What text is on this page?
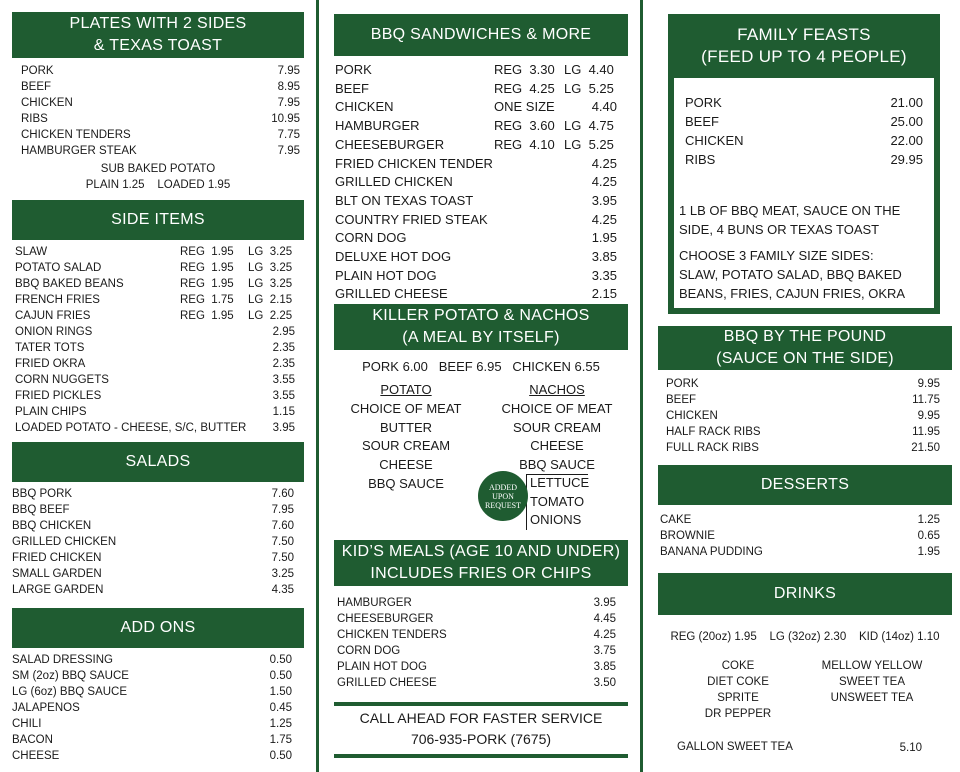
PLATES WITH 2 SIDES
& TEXAS TOAST
PORK	7.95
BEEF	8.95
CHICKEN	7.95
RIBS	10.95
CHICKEN TENDERS	7.75
HAMBURGER STEAK	7.95
SUB BAKED POTATO
PLAIN 1.25    LOADED 1.95
SIDE ITEMS
SLAW	REG  1.95 LG  3.25
POTATO SALAD	REG  1.95 LG  3.25
BBQ BAKED BEANS	REG  1.95 LG  3.25
FRENCH FRIES	REG  1.75 LG  2.15
CAJUN FRIES	REG  1.95 LG  2.25
ONION RINGS	2.95
TATER TOTS	2.35
FRIED OKRA	2.35
CORN NUGGETS	3.55
FRIED PICKLES	3.55
PLAIN CHIPS	1.15
LOADED POTATO - CHEESE, S/C, BUTTER 3.95
SALADS
BBQ PORK	7.60
BBQ BEEF	7.95
BBQ CHICKEN	7.60
GRILLED CHICKEN	7.50
FRIED CHICKEN	7.50
SMALL GARDEN	3.25
LARGE GARDEN	4.35
ADD ONS
SALAD DRESSING	0.50
SM (2oz) BBQ SAUCE	0.50
LG (6oz) BBQ SAUCE	1.50
JALAPENOS	0.45
CHILI	1.25
BACON	1.75
CHEESE	0.50
BBQ SANDWICHES & MORE
PORK	REG  3.30 LG  4.40
BEEF	REG  4.25 LG  5.25
CHICKEN	ONE SIZE	4.40
HAMBURGER	REG  3.60 LG  4.75
CHEESEBURGER	REG  4.10 LG  5.25
FRIED CHICKEN TENDER	4.25
GRILLED CHICKEN	4.25
BLT ON TEXAS TOAST	3.95
COUNTRY FRIED STEAK	4.25
CORN DOG	1.95
DELUXE HOT DOG	3.85
PLAIN HOT DOG	3.35
GRILLED CHEESE	2.15
KILLER POTATO & NACHOS
(A MEAL BY ITSELF)
PORK 6.00   BEEF 6.95   CHICKEN 6.55
POTATO
CHOICE OF MEAT
BUTTER
SOUR CREAM
CHEESE
BBQ SAUCE
NACHOS
CHOICE OF MEAT
SOUR CREAM
CHEESE
BBQ SAUCE
LETTUCE
TOMATO
ONIONS
ADDED
UPON
REQUEST
KID’S MEALS (AGE 10 AND UNDER)
INCLUDES FRIES OR CHIPS
HAMBURGER	3.95
CHEESEBURGER	4.45
CHICKEN TENDERS	4.25
CORN DOG	3.75
PLAIN HOT DOG	3.85
GRILLED CHEESE	3.50
CALL AHEAD FOR FASTER SERVICE
706-935-PORK (7675)
FAMILY FEASTS
(FEED UP TO 4 PEOPLE)
PORK	21.00
BEEF	25.00
CHICKEN	22.00
RIBS	29.95
1 LB OF BBQ MEAT, SAUCE ON THE
SIDE, 4 BUNS OR TEXAS TOAST
CHOOSE 3 FAMILY SIZE SIDES:
SLAW, POTATO SALAD, BBQ BAKED
BEANS, FRIES, CAJUN FRIES, OKRA
BBQ BY THE POUND
(SAUCE ON THE SIDE)
PORK	9.95
BEEF	11.75
CHICKEN	9.95
HALF RACK RIBS	11.95
FULL RACK RIBS	21.50
DESSERTS
CAKE	1.25
BROWNIE	0.65
BANANA PUDDING	1.95
DRINKS
REG (20oz) 1.95    LG (32oz) 2.30    KID (14oz) 1.10
COKE
DIET COKE
SPRITE
DR PEPPER
MELLOW YELLOW
SWEET TEA
UNSWEET TEA
GALLON SWEET TEA	5.10
